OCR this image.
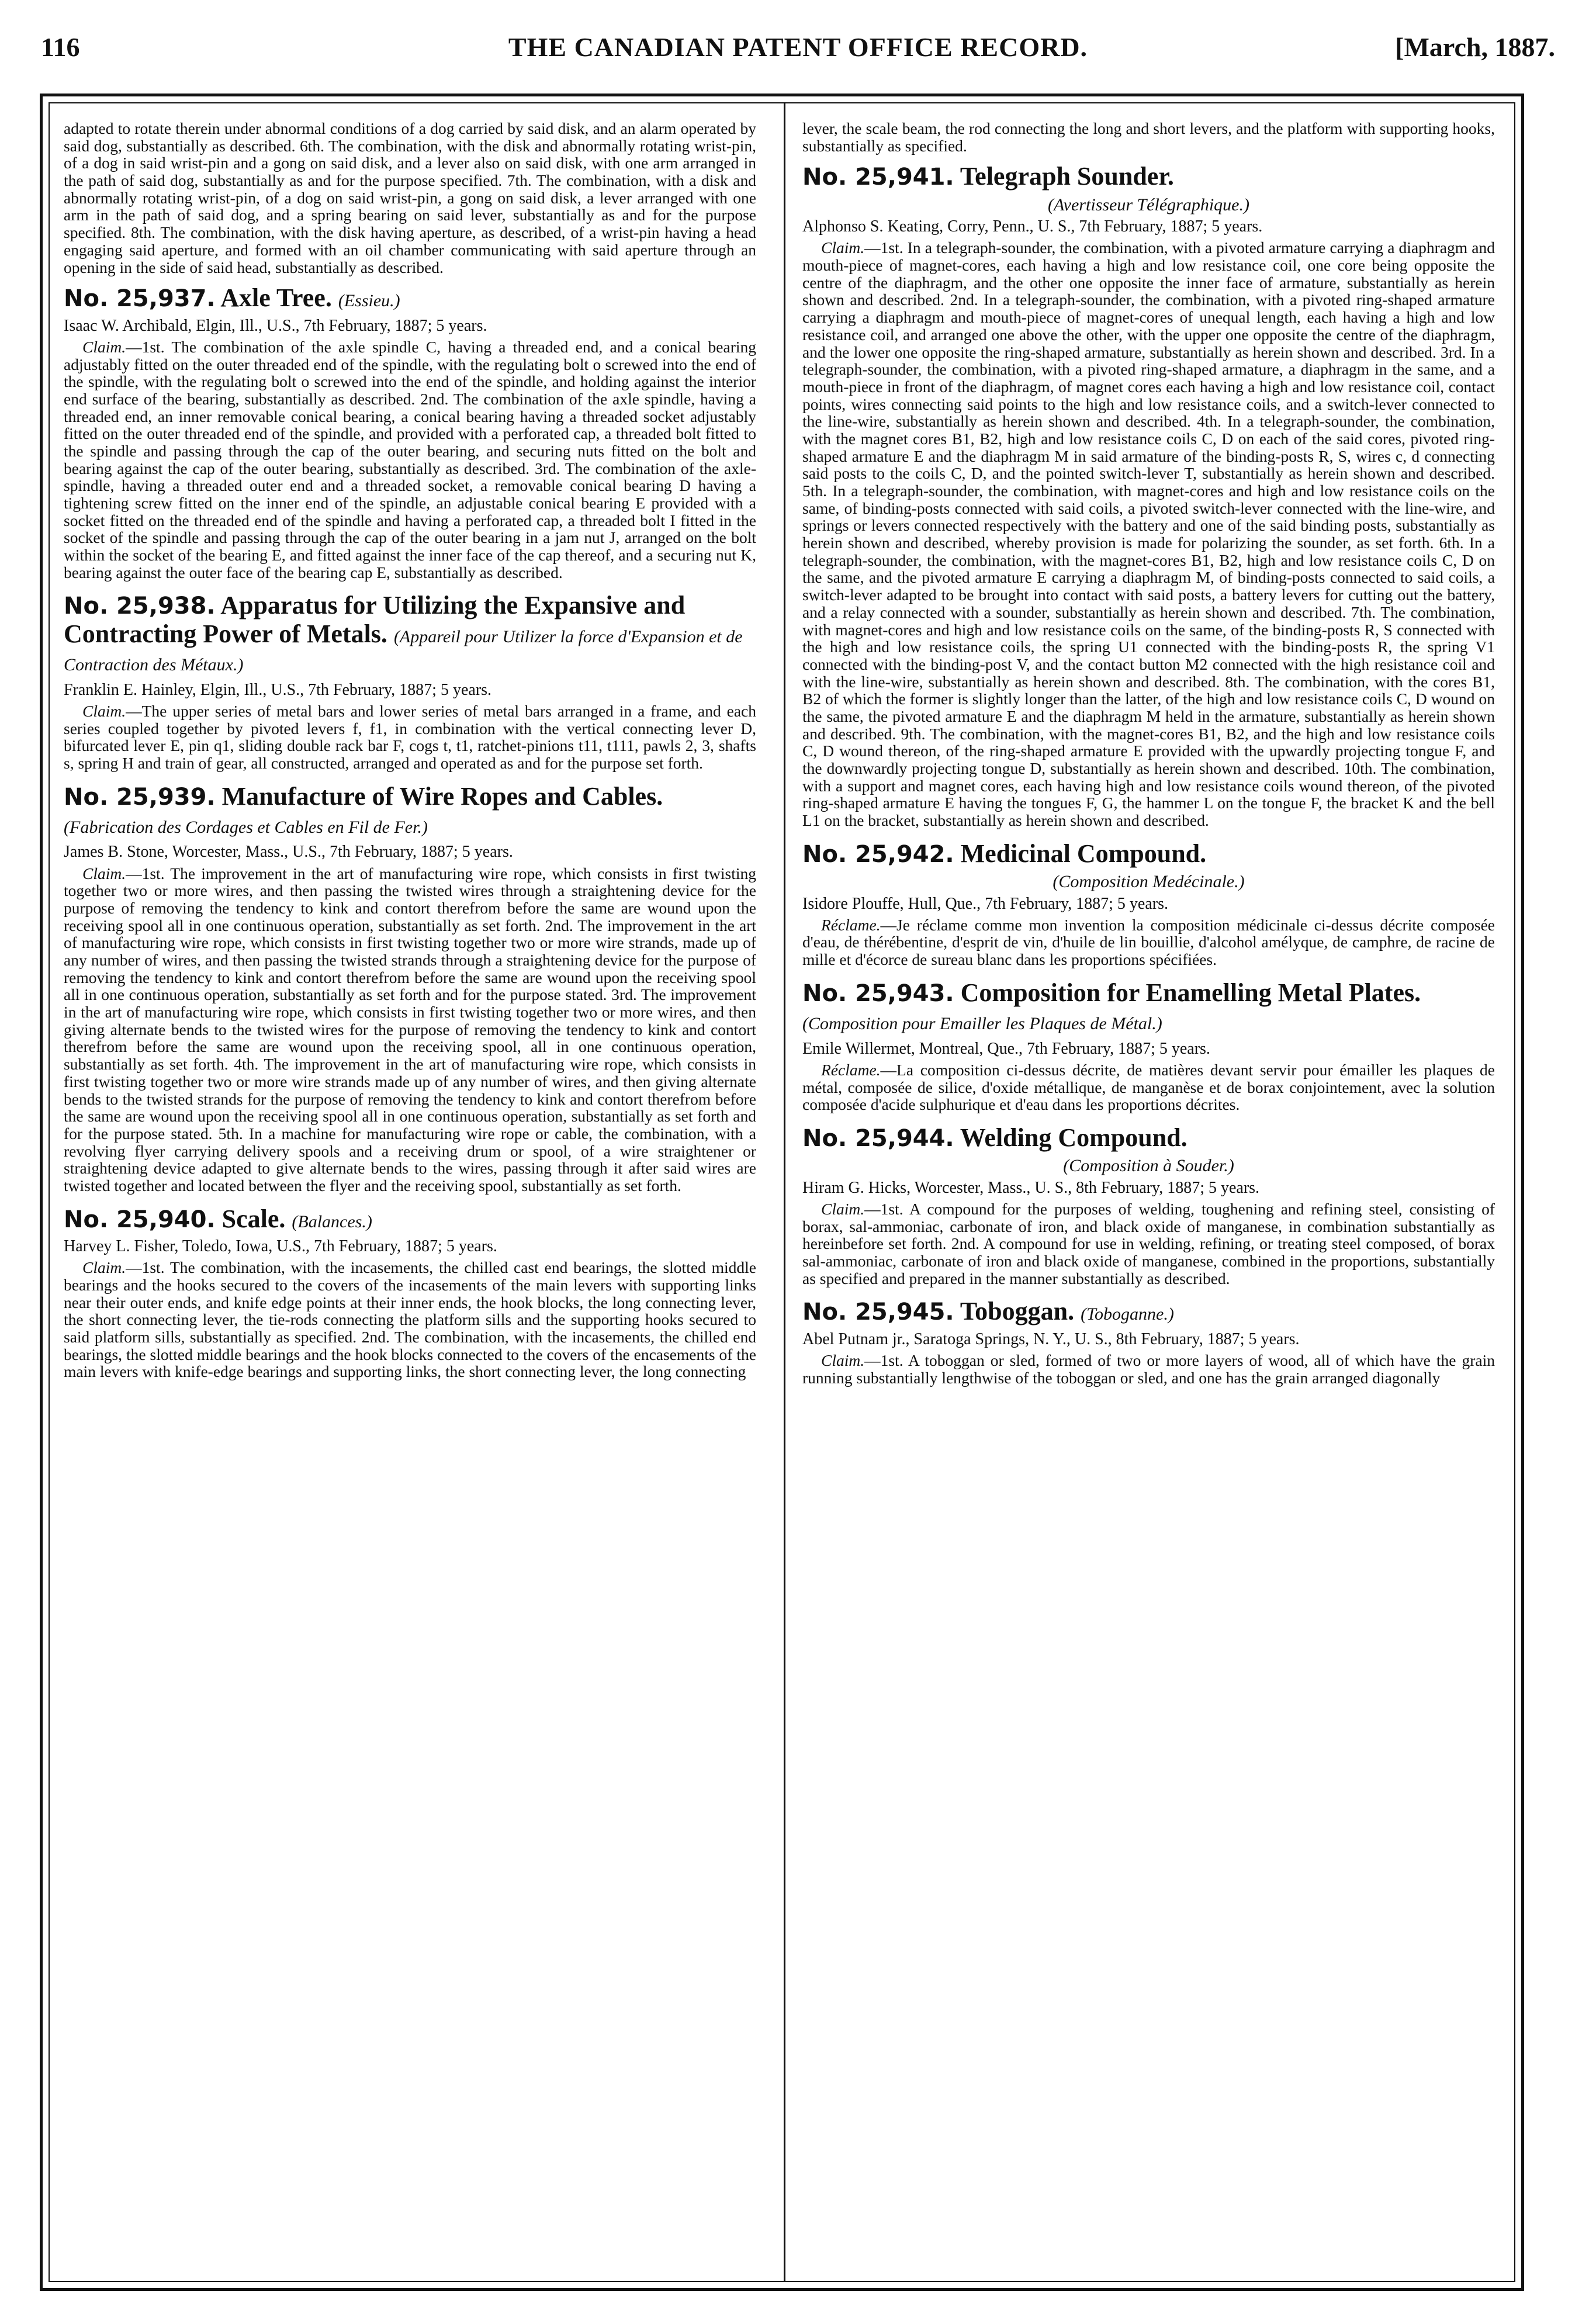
116	THE CANADIAN PATENT OFFICE RECORD.	[March, 1887.

adapted to rotate therein under abnormal conditions of a dog carried by said disk, and an alarm operated by said dog, substantially as described. 6th. The combination, with the disk and abnormally rotating wrist-pin, of a dog in said wrist-pin and a gong on said disk, and a lever also on said disk, with one arm arranged in the path of said dog, substantially as and for the purpose specified. 7th. The combination, with a disk and abnormally rotating wrist-pin, of a dog on said wrist-pin, a gong on said disk, a lever arranged with one arm in the path of said dog, and a spring bearing on said lever, substantially as and for the purpose specified. 8th. The combination, with the disk having aperture, as described, of a wrist-pin having a head engaging said aperture, and formed with an oil chamber communicating with said aperture through an opening in the side of said head, substantially as described.

No. 25,937. Axle Tree. (Essieu.)

Isaac W. Archibald, Elgin, Ill., U.S., 7th February, 1887; 5 years.

Claim.—1st. The combination of the axle spindle C, having a threaded end, and a conical bearing adjustably fitted on the outer threaded end of the spindle, with the regulating bolt o screwed into the end of the spindle, with the regulating bolt o screwed into the end of the spindle, and holding against the interior end surface of the bearing, substantially as described. 2nd. The combination of the axle spindle, having a threaded end, an inner removable conical bearing, a conical bearing having a threaded socket adjustably fitted on the outer threaded end of the spindle, and provided with a perforated cap, a threaded bolt fitted to the spindle and passing through the cap of the outer bearing, and securing nuts fitted on the bolt and bearing against the cap of the outer bearing, substantially as described. 3rd. The combination of the axle-spindle, having a threaded outer end and a threaded socket, a removable conical bearing D having a tightening screw fitted on the inner end of the spindle, an adjustable conical bearing E provided with a socket fitted on the threaded end of the spindle and having a perforated cap, a threaded bolt I fitted in the socket of the spindle and passing through the cap of the outer bearing in a jam nut J, arranged on the bolt within the socket of the bearing E, and fitted against the inner face of the cap thereof, and a securing nut K, bearing against the outer face of the bearing cap E, substantially as described.

No. 25,938. Apparatus for Utilizing the Expansive and Contracting Power of Metals. (Appareil pour Utilizer la force d'Expansion et de Contraction des Métaux.)

Franklin E. Hainley, Elgin, Ill., U.S., 7th February, 1887; 5 years.

Claim.—The upper series of metal bars and lower series of metal bars arranged in a frame, and each series coupled together by pivoted levers f, f1, in combination with the vertical connecting lever D, bifurcated lever E, pin q1, sliding double rack bar F, cogs t, t1, ratchet-pinions t11, t111, pawls 2, 3, shafts s, spring H and train of gear, all constructed, arranged and operated as and for the purpose set forth.

No. 25,939. Manufacture of Wire Ropes and Cables. (Fabrication des Cordages et Cables en Fil de Fer.)

James B. Stone, Worcester, Mass., U.S., 7th February, 1887; 5 years.

Claim.—1st. The improvement in the art of manufacturing wire rope, which consists in first twisting together two or more wires, and then passing the twisted wires through a straightening device for the purpose of removing the tendency to kink and contort therefrom before the same are wound upon the receiving spool all in one continuous operation, substantially as set forth. 2nd. The improvement in the art of manufacturing wire rope, which consists in first twisting together two or more wire strands, made up of any number of wires, and then passing the twisted strands through a straightening device for the purpose of removing the tendency to kink and contort therefrom before the same are wound upon the receiving spool all in one continuous operation, substantially as set forth and for the purpose stated. 3rd. The improvement in the art of manufacturing wire rope, which consists in first twisting together two or more wires, and then giving alternate bends to the twisted wires for the purpose of removing the tendency to kink and contort therefrom before the same are wound upon the receiving spool, all in one continuous operation, substantially as set forth. 4th. The improvement in the art of manufacturing wire rope, which consists in first twisting together two or more wire strands made up of any number of wires, and then giving alternate bends to the twisted strands for the purpose of removing the tendency to kink and contort therefrom before the same are wound upon the receiving spool all in one continuous operation, substantially as set forth and for the purpose stated. 5th. In a machine for manufacturing wire rope or cable, the combination, with a revolving flyer carrying delivery spools and a receiving drum or spool, of a wire straightener or straightening device adapted to give alternate bends to the wires, passing through it after said wires are twisted together and located between the flyer and the receiving spool, substantially as set forth.

No. 25,940. Scale. (Balances.)

Harvey L. Fisher, Toledo, Iowa, U.S., 7th February, 1887; 5 years.

Claim.—1st. The combination, with the incasements, the chilled cast end bearings, the slotted middle bearings and the hooks secured to the covers of the incasements of the main levers with supporting links near their outer ends, and knife edge points at their inner ends, the hook blocks, the long connecting lever, the short connecting lever, the tie-rods connecting the platform sills and the supporting hooks secured to said platform sills, substantially as specified. 2nd. The combination, with the incasements, the chilled end bearings, the slotted middle bearings and the hook blocks connected to the covers of the encasements of the main levers with knife-edge bearings and supporting links, the short connecting lever, the long connecting

lever, the scale beam, the rod connecting the long and short levers, and the platform with supporting hooks, substantially as specified.

No. 25,941. Telegraph Sounder.

(Avertisseur Télégraphique.)

Alphonso S. Keating, Corry, Penn., U. S., 7th February, 1887; 5 years.

Claim.—1st. In a telegraph-sounder, the combination, with a pivoted armature carrying a diaphragm and mouth-piece of magnet-cores, each having a high and low resistance coil, one core being opposite the centre of the diaphragm, and the other one opposite the inner face of armature, substantially as herein shown and described. 2nd. In a telegraph-sounder, the combination, with a pivoted ring-shaped armature carrying a diaphragm and mouth-piece of magnet-cores of unequal length, each having a high and low resistance coil, and arranged one above the other, with the upper one opposite the centre of the diaphragm, and the lower one opposite the ring-shaped armature, substantially as herein shown and described. 3rd. In a telegraph-sounder, the combination, with a pivoted ring-shaped armature, a diaphragm in the same, and a mouth-piece in front of the diaphragm, of magnet cores each having a high and low resistance coil, contact points, wires connecting said points to the high and low resistance coils, and a switch-lever connected to the line-wire, substantially as herein shown and described. 4th. In a telegraph-sounder, the combination, with the magnet cores B1, B2, high and low resistance coils C, D on each of the said cores, pivoted ring-shaped armature E and the diaphragm M in said armature of the binding-posts R, S, wires c, d connecting said posts to the coils C, D, and the pointed switch-lever T, substantially as herein shown and described. 5th. In a telegraph-sounder, the combination, with magnet-cores and high and low resistance coils on the same, of binding-posts connected with said coils, a pivoted switch-lever connected with the line-wire, and springs or levers connected respectively with the battery and one of the said binding posts, substantially as herein shown and described, whereby provision is made for polarizing the sounder, as set forth. 6th. In a telegraph-sounder, the combination, with the magnet-cores B1, B2, high and low resistance coils C, D on the same, and the pivoted armature E carrying a diaphragm M, of binding-posts connected to said coils, a switch-lever adapted to be brought into contact with said posts, a battery levers for cutting out the battery, and a relay connected with a sounder, substantially as herein shown and described. 7th. The combination, with magnet-cores and high and low resistance coils on the same, of the binding-posts R, S connected with the high and low resistance coils, the spring U1 connected with the binding-posts R, the spring V1 connected with the binding-post V, and the contact button M2 connected with the high resistance coil and with the line-wire, substantially as herein shown and described. 8th. The combination, with the cores B1, B2 of which the former is slightly longer than the latter, of the high and low resistance coils C, D wound on the same, the pivoted armature E and the diaphragm M held in the armature, substantially as herein shown and described. 9th. The combination, with the magnet-cores B1, B2, and the high and low resistance coils C, D wound thereon, of the ring-shaped armature E provided with the upwardly projecting tongue F, and the downwardly projecting tongue D, substantially as herein shown and described. 10th. The combination, with a support and magnet cores, each having high and low resistance coils wound thereon, of the pivoted ring-shaped armature E having the tongues F, G, the hammer L on the tongue F, the bracket K and the bell L1 on the bracket, substantially as herein shown and described.

No. 25,942. Medicinal Compound.

(Composition Medécinale.)

Isidore Plouffe, Hull, Que., 7th February, 1887; 5 years.

Réclame.—Je réclame comme mon invention la composition médicinale ci-dessus décrite composée d'eau, de thérébentine, d'esprit de vin, d'huile de lin bouillie, d'alcohol amélyque, de camphre, de racine de mille et d'écorce de sureau blanc dans les proportions spécifiées.

No. 25,943. Composition for Enamelling Metal Plates. (Composition pour Emailler les Plaques de Métal.)

Emile Willermet, Montreal, Que., 7th February, 1887; 5 years.

Réclame.—La composition ci-dessus décrite, de matières devant servir pour émailler les plaques de métal, composée de silice, d'oxide métallique, de manganèse et de borax conjointement, avec la solution composée d'acide sulphurique et d'eau dans les proportions décrites.

No. 25,944. Welding Compound.

(Composition à Souder.)

Hiram G. Hicks, Worcester, Mass., U. S., 8th February, 1887; 5 years.

Claim.—1st. A compound for the purposes of welding, toughening and refining steel, consisting of borax, sal-ammoniac, carbonate of iron, and black oxide of manganese, in combination substantially as hereinbefore set forth. 2nd. A compound for use in welding, refining, or treating steel composed, of borax sal-ammoniac, carbonate of iron and black oxide of manganese, combined in the proportions, substantially as specified and prepared in the manner substantially as described.

No. 25,945. Toboggan. (Toboganne.)

Abel Putnam jr., Saratoga Springs, N. Y., U. S., 8th February, 1887; 5 years.

Claim.—1st. A toboggan or sled, formed of two or more layers of wood, all of which have the grain running substantially lengthwise of the toboggan or sled, and one has the grain arranged diagonally
